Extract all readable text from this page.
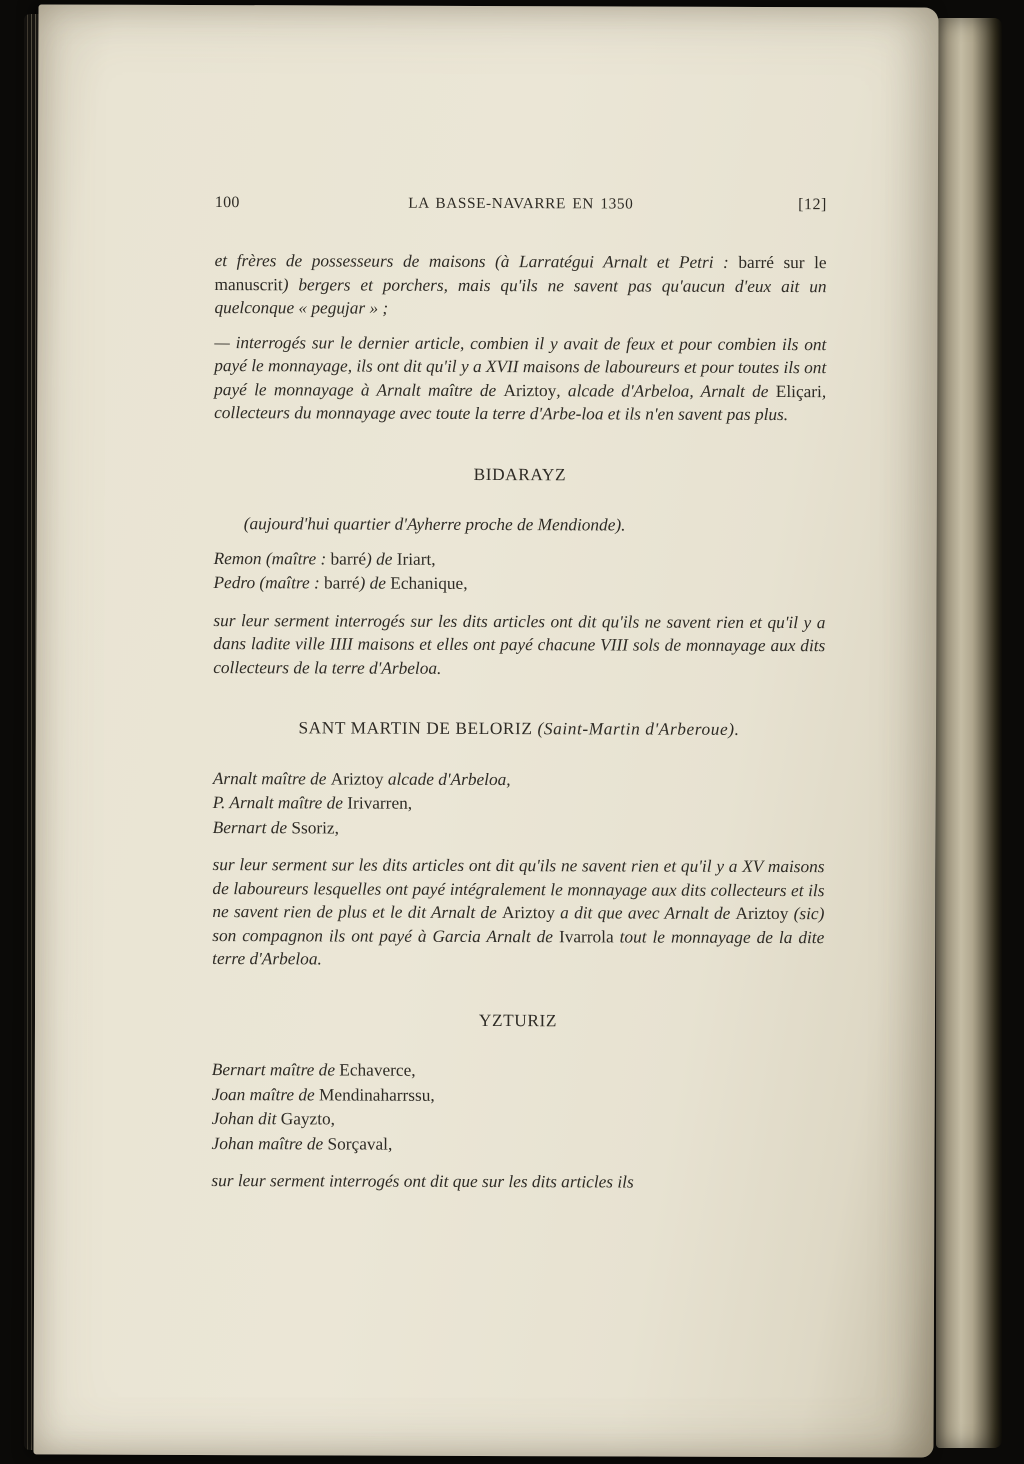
100	LA BASSE-NAVARRE EN 1350	[12]
et frères de possesseurs de maisons (à Larratégui Arnalt et Petri : barré sur le manuscrit) bergers et porchers, mais qu'ils ne savent pas qu'aucun d'eux ait un quelconque « pegujar » ;
— interrogés sur le dernier article, combien il y avait de feux et pour combien ils ont payé le monnayage, ils ont dit qu'il y a XVII maisons de laboureurs et pour toutes ils ont payé le monnayage à Arnalt maître de Ariztoy, alcade d'Arbeloa, Arnalt de Eliçari, collecteurs du monnayage avec toute la terre d'Arbe-loa et ils n'en savent pas plus.
BIDARAYZ
(aujourd'hui quartier d'Ayherre proche de Mendionde).
Remon (maître : barré) de Iriart,
Pedro (maître : barré) de Echanique,
sur leur serment interrogés sur les dits articles ont dit qu'ils ne savent rien et qu'il y a dans ladite ville IIII maisons et elles ont payé chacune VIII sols de monnayage aux dits collecteurs de la terre d'Arbeloa.
SANT MARTIN DE BELORIZ (Saint-Martin d'Arberoue).
Arnalt maître de Ariztoy alcade d'Arbeloa,
P. Arnalt maître de Irivarren,
Bernart de Ssoriz,
sur leur serment sur les dits articles ont dit qu'ils ne savent rien et qu'il y a XV maisons de laboureurs lesquelles ont payé intégralement le monnayage aux dits collecteurs et ils ne savent rien de plus et le dit Arnalt de Ariztoy a dit que avec Arnalt de Ariztoy (sic) son compagnon ils ont payé à Garcia Arnalt de Ivarrola tout le monnayage de la dite terre d'Arbeloa.
YZTURIZ
Bernart maître de Echaverce,
Joan maître de Mendinaharrssu,
Johan dit Gayzto,
Johan maître de Sorçaval,
sur leur serment interrogés ont dit que sur les dits articles ils
